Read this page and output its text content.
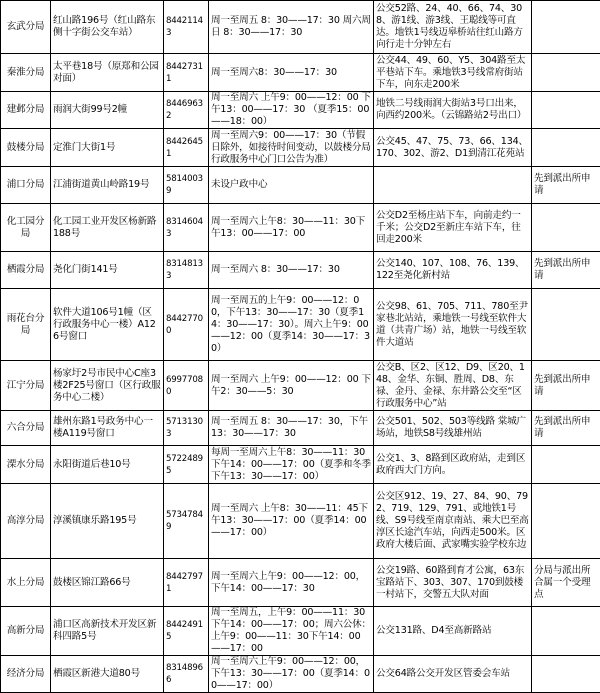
玄武分局	红山路196号（红山路东侧十字街公交车站）	84421143	周一至周五 8：30——17：30 周六周日 8：30——17：30	公交52路、24、40、66、74、308、游1线、游3线、王聪线等可直达。地铁1号线迈皋桥站往红山路方向行走十分钟左右	
秦淮分局	太平巷18号（原郑和公园对面）	84427311	周一至周六8：30——17：30	公交44、49、60、Y5、304路至太平巷站下车。乘地铁3号线常府街站下车，向东走200米	
建邺分局	雨润大街99号2幢	84469632	周一至周六 上午9：00——12：00 下午13：00——17：30 （夏季15：00——18：00）	地铁二号线雨润大街站3号口出来，向西约200米。（云锦路站2号出口）	
鼓楼分局	定淮门大街1号	84426451	周一至周六9：00——17：30（节假日除外，如接待时间变动，以鼓楼分局行政服务中心门口公告为准）	公交45、47、75、73、66、134、170、302、游2、D1到清江花苑站	
浦口分局	江浦街道黄山岭路19号	58140039	未设户政中心		先到派出所申请
化工园分局	化工园工业开发区杨新路188号	83146043	周一至周六上午8：30——11：30下午13：00——17：00	公交D2至杨庄站下车，向前走约一千米；公交D2至新庄车站下车，往回走200米	
栖霞分局	尧化门街141号	83148133	周一至周六 8：30——17：30	公交140、107、108、76、139、122至尧化新村站	先到派出所申请
雨花台分局	软件大道106号1幢（区行政服务中心一楼）A126号窗口	84427700	周一至周五的上午9：00——12：00，下午13：30——17：30（夏季14：30——17：30）。周六上午9：00——12：00（夏季14：30——17：30）	公交98、61、705、711、780至尹家巷北站站，乘地铁一号线至软件大道（共青广场）站，地铁一号线至软件大道站	
江宁分局	杨家圩2号市民中心C座3楼2F25号窗口（区行政服务中心二楼）	69977080	周一至周六 上午9：00——12：00 下午2：30——5：30	公交B、区2、区12、D9、区20、148、金华、东铜、胜周、D8、东禄、金丹、金禄、东井路公交至“区行政服务中心”站	先到派出所申请
六合分局	雄州东路1号政务中心一楼A119号窗口	57131303	周一至周五 8：30——17：30，下午13：30——17：30	公交501、502、503等线路 棠城广场站，地铁S8号线雄州站	先到派出所申请
溧水分局	永阳街道后巷10号	57224895	每周一至周六上午8：30——11：30 下午14：00——17：00（夏季和冬季下午13：30——17：00）	公交1、3、8路到区政府站，走到区政府西大门方向。	
高淳分局	淳溪镇康乐路195号	57347849	周一至周六 上午8：30——11：45下午13：30——17：00（夏季14：00——17：00）	公交区912、19、27、84、90、792、719、129、791、或地铁1号线、S9号线至南京南站、乘大巴至高淳区长途汽车站，向西走500米。区政府大楼后面、武家嘴实验学校东边	
水上分局	鼓楼区锦江路66号	84427971	周一至周六上午9：00——12：00，下午14：00——17：30	公交19路、60路到育才公寓，63东宝路站下、303、307、170到鼓楼一村站下，交警五大队对面	分局与派出所合属一个受理点
高新分局	浦口区高新技术开发区新科四路5号	84424915	周一至周五，上午9：00——11：30下午14：00——17：00；周六公休：上午9：00——11：30下午14：00——17：00	公交131路、D4至高新路站	
经济分局	栖霞区新港大道80号	83148966	周一至周六上午9：00——12：00，下午13：30——17：00（夏季14：00——17：00）	公交64路公交开发区管委会车站	
